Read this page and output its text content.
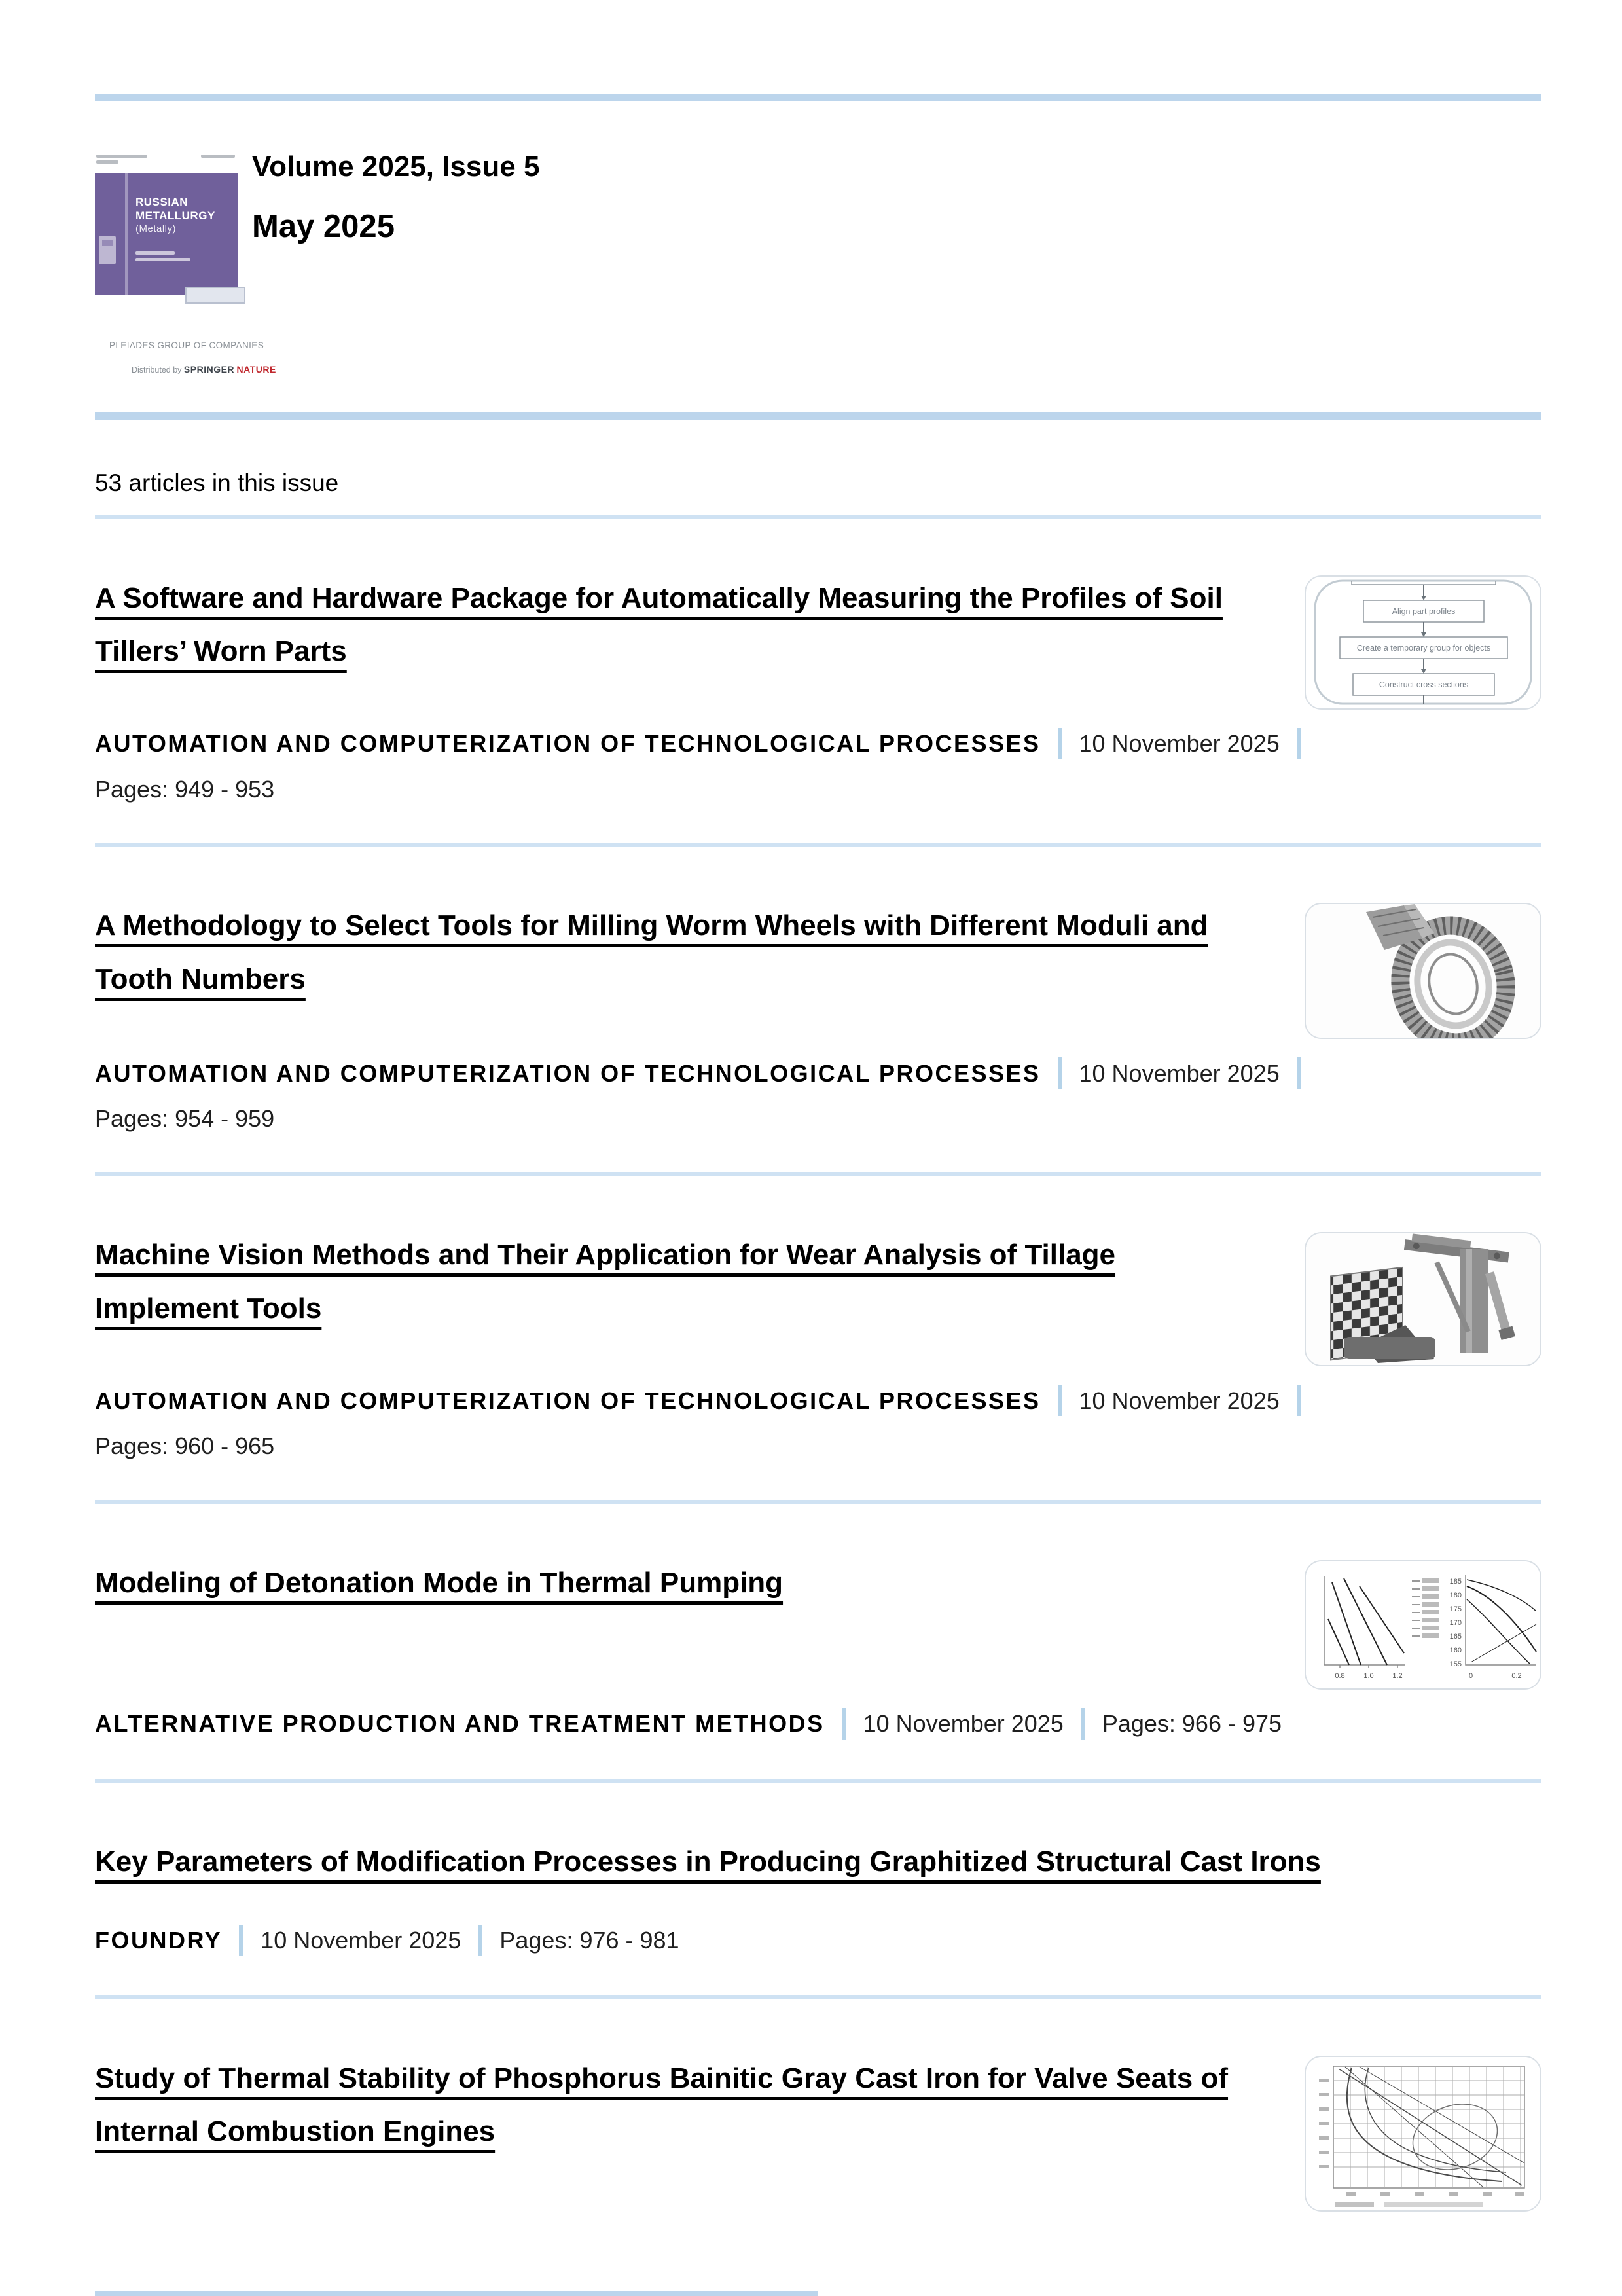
RUSSIAN
METALLURGY
(Metally)
PLEIADES GROUP OF COMPANIES
Distributed by SPRINGER NATURE
Volume 2025, Issue 5
May 2025
53 articles in this issue
Align part profiles
Create a temporary group for objects
Construct cross sections
A Software and Hardware Package for Automatically Measuring the Profiles of Soil Tillers’ Worn Parts
AUTOMATION AND COMPUTERIZATION OF TECHNOLOGICAL PROCESSES 10 November 2025
Pages: 949 - 953
A Methodology to Select Tools for Milling Worm Wheels with Different Moduli and Tooth Numbers
AUTOMATION AND COMPUTERIZATION OF TECHNOLOGICAL PROCESSES 10 November 2025
Pages: 954 - 959
Machine Vision Methods and Their Application for Wear Analysis of Tillage Implement Tools
AUTOMATION AND COMPUTERIZATION OF TECHNOLOGICAL PROCESSES 10 November 2025
Pages: 960 - 965
0.8	1.0	1.2
185
180
175
170
165
160
155
0	0.2
Modeling of Detonation Mode in Thermal Pumping
ALTERNATIVE PRODUCTION AND TREATMENT METHODS 10 November 2025 Pages: 966 - 975
Key Parameters of Modification Processes in Producing Graphitized Structural Cast Irons
FOUNDRY 10 November 2025 Pages: 976 - 981
Study of Thermal Stability of Phosphorus Bainitic Gray Cast Iron for Valve Seats of Internal Combustion Engines
